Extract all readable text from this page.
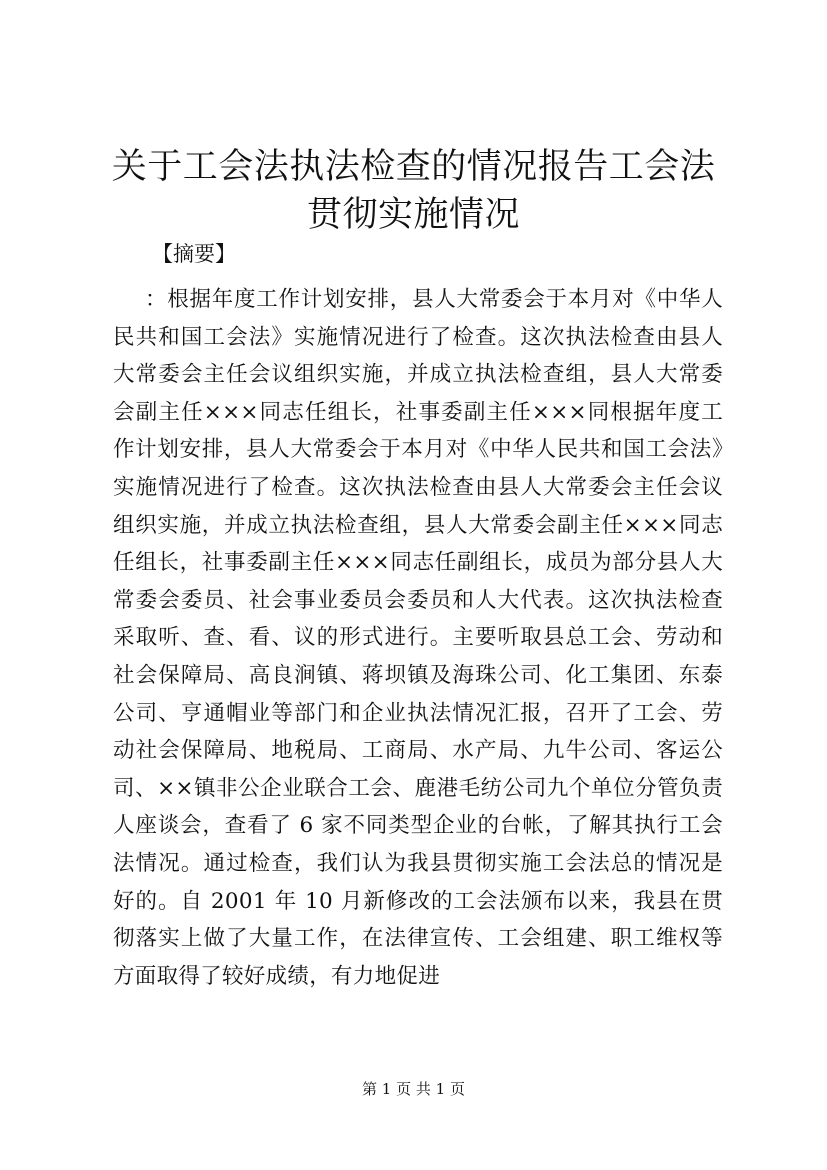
关于工会法执法检查的情况报告工会法贯彻实施情况
【摘要】

：根据年度工作计划安排，县人大常委会于本月对《中华人民共和国工会法》实施情况进行了检查。这次执法检查由县人大常委会主任会议组织实施，并成立执法检查组，县人大常委会副主任×××同志任组长，社事委副主任×××同根据年度工作计划安排，县人大常委会于本月对《中华人民共和国工会法》实施情况进行了检查。这次执法检查由县人大常委会主任会议组织实施，并成立执法检查组，县人大常委会副主任×××同志任组长，社事委副主任×××同志任副组长，成员为部分县人大常委会委员、社会事业委员会委员和人大代表。这次执法检查采取听、查、看、议的形式进行。主要听取县总工会、劳动和社会保障局、高良涧镇、蒋坝镇及海珠公司、化工集团、东泰公司、亨通帽业等部门和企业执法情况汇报，召开了工会、劳动社会保障局、地税局、工商局、水产局、九牛公司、客运公司、××镇非公企业联合工会、鹿港毛纺公司九个单位分管负责人座谈会，查看了 6 家不同类型企业的台帐，了解其执行工会法情况。通过检查，我们认为我县贯彻实施工会法总的情况是好的。自 2001 年 10 月新修改的工会法颁布以来，我县在贯彻落实上做了大量工作，在法律宣传、工会组建、职工维权等方面取得了较好成绩，有力地促进

第 1 页 共 1 页
